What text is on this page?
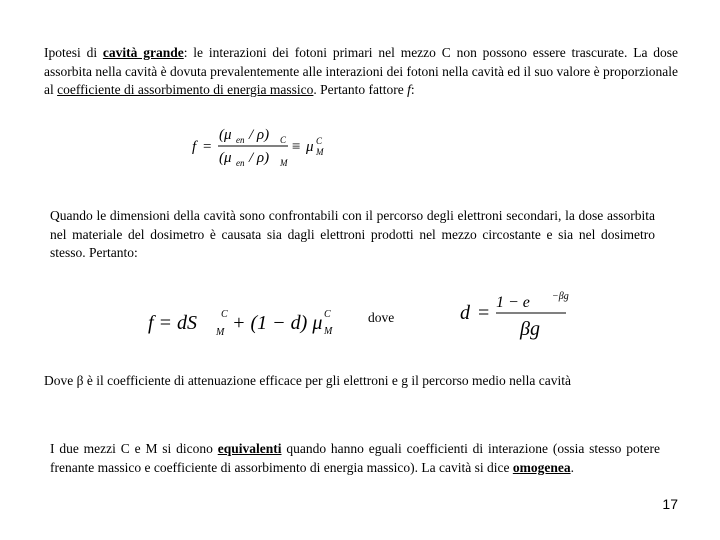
Ipotesi di cavità grande: le interazioni dei fotoni primari nel mezzo C non possono essere trascurate. La dose assorbita nella cavità è dovuta prevalentemente alle interazioni dei fotoni nella cavità ed il suo valore è proporzionale al coefficiente di assorbimento di energia massico. Pertanto fattore f:

f =
(μ en / ρ) C
(μ en / ρ) M
≡ μ C
M

Quando le dimensioni della cavità sono confrontabili con il percorso degli elettroni secondari, la dose assorbita nel materiale del dosimetro è causata sia dagli elettroni prodotti nel mezzo circostante e sia nel dosimetro stesso. Pertanto:

f = dS M
C + (1 − d) μ C
M
dove	d = 1 − e −βg
βg

Dove β è il coefficiente di attenuazione efficace per gli elettroni e g il percorso medio nella cavità

I due mezzi C e M si dicono equivalenti quando hanno eguali coefficienti di interazione (ossia stesso potere frenante massico e coefficiente di assorbimento di energia massico). La cavità si dice omogenea.

17
